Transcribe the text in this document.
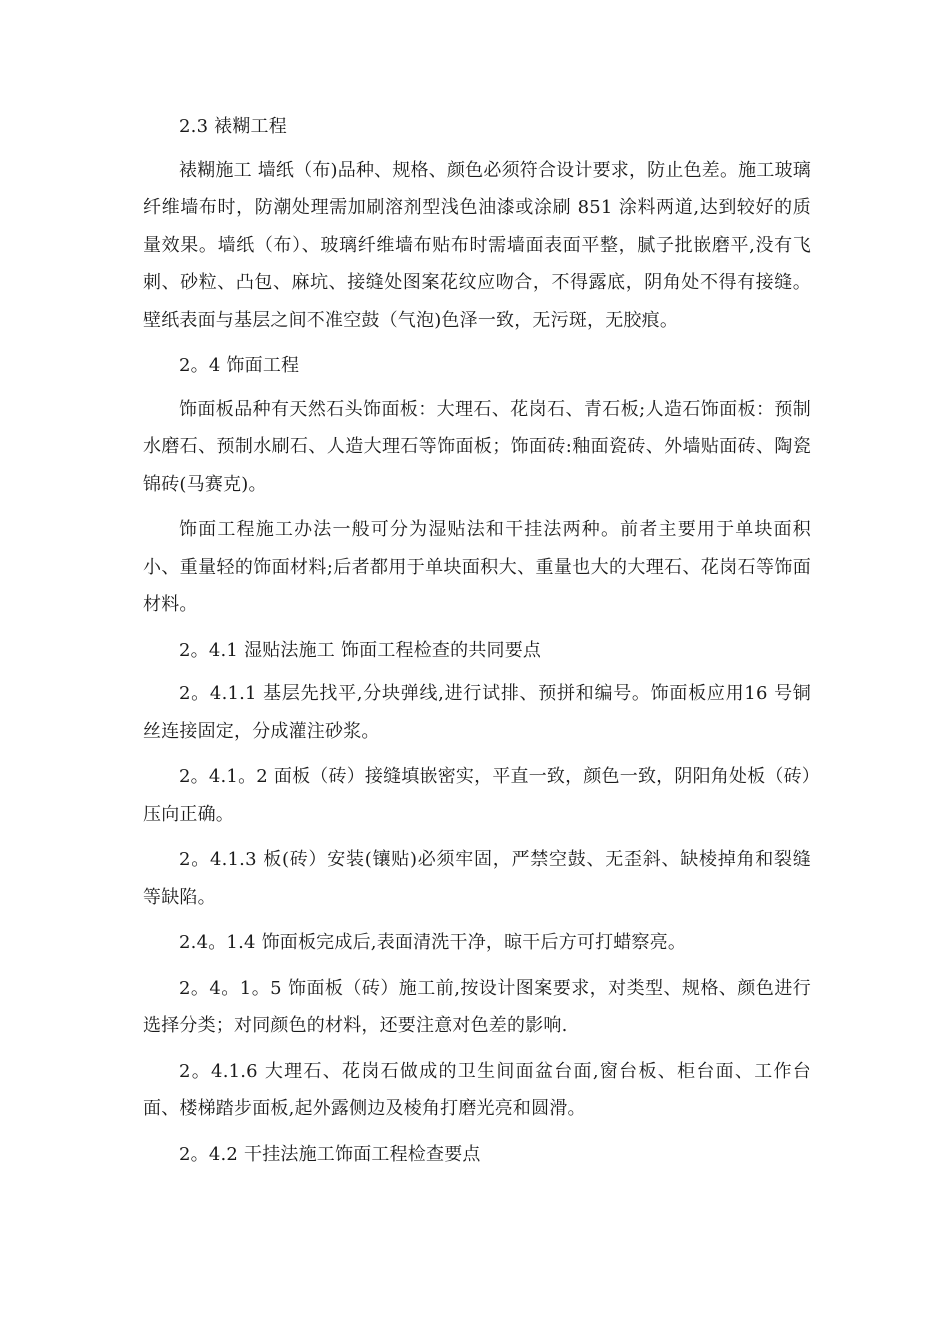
2.3 裱糊工程

裱糊施工 墙纸（布)品种、规格、颜色必须符合设计要求，防止色差。施工玻璃纤维墙布时，防潮处理需加刷溶剂型浅色油漆或涂刷 851 涂料两道,达到较好的质量效果。墙纸（布）、玻璃纤维墙布贴布时需墙面表面平整，腻子批嵌磨平,没有飞刺、砂粒、凸包、麻坑、接缝处图案花纹应吻合，不得露底，阴角处不得有接缝。壁纸表面与基层之间不准空鼓（气泡)色泽一致，无污斑，无胶痕。

2。4 饰面工程

饰面板品种有天然石头饰面板：大理石、花岗石、青石板;人造石饰面板：预制水磨石、预制水刷石、人造大理石等饰面板；饰面砖:釉面瓷砖、外墙贴面砖、陶瓷锦砖(马赛克)。

饰面工程施工办法一般可分为湿贴法和干挂法两种。前者主要用于单块面积小、重量轻的饰面材料;后者都用于单块面积大、重量也大的大理石、花岗石等饰面材料。

2。4.1 湿贴法施工 饰面工程检查的共同要点

2。4.1.1 基层先找平,分块弹线,进行试排、预拼和编号。饰面板应用16 号铜丝连接固定，分成灌注砂浆。

2。4.1。2 面板（砖）接缝填嵌密实，平直一致，颜色一致，阴阳角处板（砖）压向正确。

2。4.1.3 板(砖）安装(镶贴)必须牢固，严禁空鼓、无歪斜、缺棱掉角和裂缝等缺陷。

2.4。1.4 饰面板完成后,表面清洗干净，晾干后方可打蜡察亮。

2。4。1。5 饰面板（砖）施工前,按设计图案要求，对类型、规格、颜色进行选择分类；对同颜色的材料，还要注意对色差的影响.

2。4.1.6 大理石、花岗石做成的卫生间面盆台面,窗台板、柜台面、工作台面、楼梯踏步面板,起外露侧边及棱角打磨光亮和圆滑。

2。4.2 干挂法施工饰面工程检查要点
